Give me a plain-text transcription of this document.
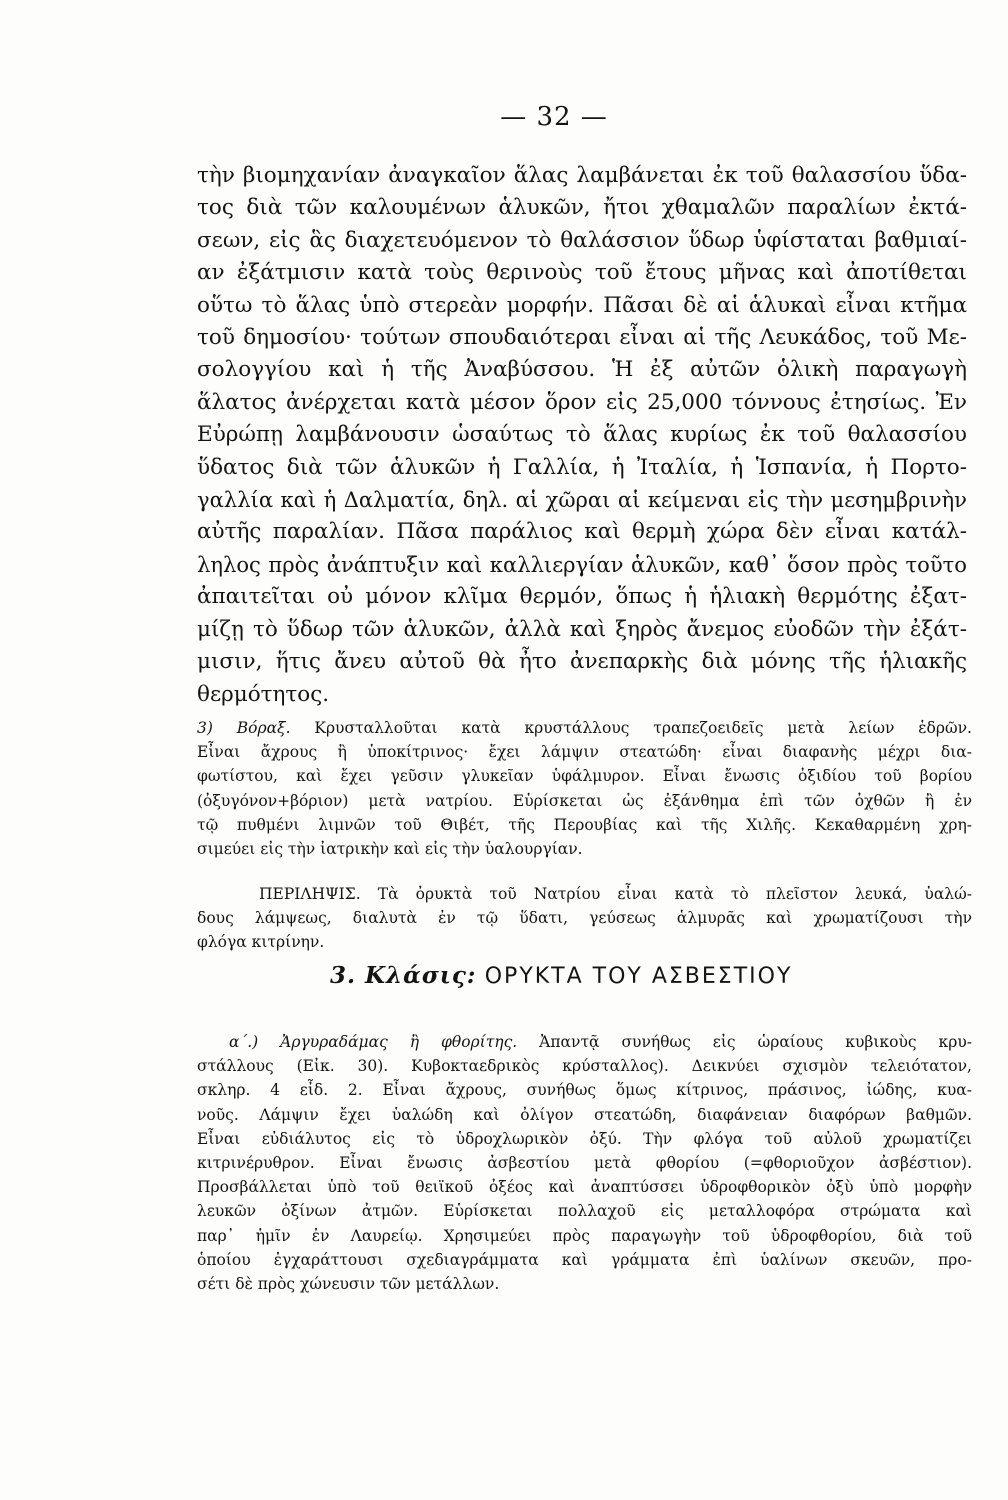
— 32 —
τὴν βιομηχανίαν ἀναγκαῖον ἅλας λαμβάνεται ἐκ τοῦ θαλασσίου ὕδα-
τος διὰ τῶν καλουμένων ἁλυκῶν, ἤτοι χθαμαλῶν παραλίων ἐκτά-
σεων, εἰς ἃς διαχετευόμενον τὸ θαλάσσιον ὕδωρ ὑφίσταται βαθμιαί-
αν ἐξάτμισιν κατὰ τοὺς θερινοὺς τοῦ ἔτους μῆνας καὶ ἀποτίθεται
οὕτω τὸ ἅλας ὑπὸ στερεὰν μορφήν. Πᾶσαι δὲ αἱ ἁλυκαὶ εἶναι κτῆμα
τοῦ δημοσίου· τούτων σπουδαιότεραι εἶναι αἱ τῆς Λευκάδος, τοῦ Με-
σολογγίου καὶ ἡ τῆς Ἀναβύσσου. Ἡ ἐξ αὐτῶν ὁλικὴ παραγωγὴ
ἅλατος ἀνέρχεται κατὰ μέσον ὅρον εἰς 25,000 τόννους ἐτησίως. Ἐν
Εὐρώπῃ λαμβάνουσιν ὡσαύτως τὸ ἅλας κυρίως ἐκ τοῦ θαλασσίου
ὕδατος διὰ τῶν ἁλυκῶν ἡ Γαλλία, ἡ Ἰταλία, ἡ Ἱσπανία, ἡ Πορτο-
γαλλία καὶ ἡ Δαλματία, δηλ. αἱ χῶραι αἱ κείμεναι εἰς τὴν μεσημβρινὴν
αὐτῆς παραλίαν. Πᾶσα παράλιος καὶ θερμὴ χώρα δὲν εἶναι κατάλ-
ληλος πρὸς ἀνάπτυξιν καὶ καλλιεργίαν ἁλυκῶν, καθ᾽ ὅσον πρὸς τοῦτο
ἀπαιτεῖται οὐ μόνον κλῖμα θερμόν, ὅπως ἡ ἡλιακὴ θερμότης ἐξατ-
μίζῃ τὸ ὕδωρ τῶν ἁλυκῶν, ἀλλὰ καὶ ξηρὸς ἄνεμος εὐοδῶν τὴν ἐξάτ-
μισιν, ἥτις ἄνευ αὐτοῦ θὰ ἦτο ἀνεπαρκὴς διὰ μόνης τῆς ἡλιακῆς
θερμότητος.
3) Βόραξ. Κρυσταλλοῦται κατὰ κρυστάλλους τραπεζοειδεῖς μετὰ λείων ἑδρῶν.
Εἶναι ἄχρους ἢ ὑποκίτρινος· ἔχει λάμψιν στεατώδη· εἶναι διαφανὴς μέχρι δια-
φωτίστου, καὶ ἔχει γεῦσιν γλυκεῖαν ὑφάλμυρον. Εἶναι ἔνωσις ὀξιδίου τοῦ βορίου
(ὀξυγόνον+βόριον) μετὰ νατρίου. Εὑρίσκεται ὡς ἐξάνθημα ἐπὶ τῶν ὀχθῶν ἢ ἐν
τῷ πυθμένι λιμνῶν τοῦ Θιβέτ, τῆς Περουβίας καὶ τῆς Χιλῆς. Κεκαθαρμένη χρη-
σιμεύει εἰς τὴν ἰατρικὴν καὶ εἰς τὴν ὑαλουργίαν.
ΠΕΡΙΛΗΨΙΣ. Τὰ ὀρυκτὰ τοῦ Νατρίου εἶναι κατὰ τὸ πλεῖστον λευκά, ὑαλώ-
δους λάμψεως, διαλυτὰ ἐν τῷ ὕδατι, γεύσεως ἁλμυρᾶς καὶ χρωματίζουσι τὴν
φλόγα κιτρίνην.
3. Κλάσις: ΟΡΥΚΤΑ ΤΟΥ ΑΣΒΕΣΤΙΟΥ
α΄.) Ἀργυραδάμας ἢ φθορίτης. Ἀπαντᾷ συνήθως εἰς ὡραίους κυβικοὺς κρυ-
στάλλους (Εἰκ. 30). Κυβοκταεδρικὸς κρύσταλλος). Δεικνύει σχισμὸν τελειότατον,
σκληρ. 4 εἶδ. 2. Εἶναι ἄχρους, συνήθως ὅμως κίτρινος, πράσινος, ἰώδης, κυα-
νοῦς. Λάμψιν ἔχει ὑαλώδη καὶ ὀλίγον στεατώδη, διαφάνειαν διαφόρων βαθμῶν.
Εἶναι εὐδιάλυτος εἰς τὸ ὑδροχλωρικὸν ὀξύ. Τὴν φλόγα τοῦ αὐλοῦ χρωματίζει
κιτρινέρυθρον. Εἶναι ἔνωσις ἀσβεστίου μετὰ φθορίου (=φθοριοῦχον ἀσβέστιον).
Προσβάλλεται ὑπὸ τοῦ θειϊκοῦ ὀξέος καὶ ἀναπτύσσει ὑδροφθορικὸν ὀξὺ ὑπὸ μορφὴν
λευκῶν ὀξίνων ἀτμῶν. Εὑρίσκεται πολλαχοῦ εἰς μεταλλοφόρα στρώματα καὶ
παρ᾽ ἡμῖν ἐν Λαυρείῳ. Χρησιμεύει πρὸς παραγωγὴν τοῦ ὑδροφθορίου, διὰ τοῦ
ὁποίου ἐγχαράττουσι σχεδιαγράμματα καὶ γράμματα ἐπὶ ὑαλίνων σκευῶν, προ-
σέτι δὲ πρὸς χώνευσιν τῶν μετάλλων.
